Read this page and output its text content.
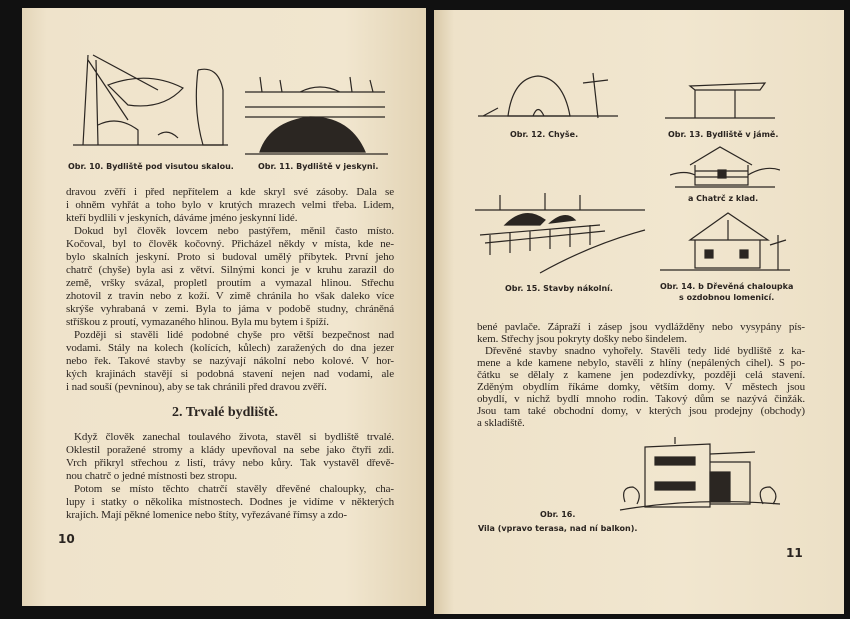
Obr. 10. Bydliště pod visutou skalou.	Obr. 11. Bydliště v jeskyni.
dravou zvěří i před nepřítelem a kde skryl své zásoby. Dala se
i ohněm vyhřát a toho bylo v krutých mrazech velmi třeba. Lidem,
kteří bydlili v jeskyních, dáváme jméno jeskynní lidé.
Dokud byl člověk lovcem nebo pastýřem, měnil často místo.
Kočoval, byl to člověk kočovný. Přicházel někdy v místa, kde ne-
bylo skalních jeskyní. Proto si budoval umělý příbytek. První jeho
chatrč (chyše) byla asi z větví. Silnými konci je v kruhu zarazil do
země, vršky svázal, propletl proutím a vymazal hlinou. Střechu
zhotovil z travin nebo z koží. V zimě chránila ho však daleko více
skrýše vyhrabaná v zemi. Byla to jáma v podobě studny, chráněná
stříškou z proutí, vymazaného hlinou. Byla mu bytem i špíží.
Později si stavěli lidé podobné chyše pro větší bezpečnost nad
vodami. Stály na kolech (kolících, kůlech) zaražených do dna jezer
nebo řek. Takové stavby se nazývají nákolní nebo kolové. V hor-
kých krajinách stavějí si podobná stavení nejen nad vodami, ale
i nad souší (pevninou), aby se tak chránili před dravou zvěří.
2. Trvalé bydliště.
Když člověk zanechal toulavého života, stavěl si bydliště trvalé.
Oklestil poražené stromy a klády upevňoval na sebe jako čtyři zdi.
Vrch přikryl střechou z listí, trávy nebo kůry. Tak vystavěl dřevě-
nou chatrč o jedné místnosti bez stropu.
Potom se místo těchto chatrčí stavěly dřevěné chaloupky, cha-
lupy i statky o několika místnostech. Dodnes je vidíme v některých
krajích. Mají pěkné lomenice nebo štíty, vyřezávané římsy a zdo-
10
Obr. 12. Chyše.	Obr. 13. Bydliště v jámě.
a Chatrč z klad.
Obr. 15. Stavby nákolní.	Obr. 14. b Dřevěná chaloupka
s ozdobnou lomenicí.
bené pavlače. Zápraží i zásep jsou vydlážděny nebo vysypány pís-
kem. Střechy jsou pokryty došky nebo šindelem.
Dřevěné stavby snadno vyhořely. Stavěli tedy lidé bydliště z ka-
mene a kde kamene nebylo, stavěli z hlíny (nepálených cihel). S po-
čátku se dělaly z kamene jen podezdívky, později celá stavení.
Zděným obydlím říkáme domky, větším domy. V městech jsou
obydlí, v nichž bydlí mnoho rodin. Takový dům se nazývá činžák.
Jsou tam také obchodní domy, v kterých jsou prodejny (obchody)
a skladiště.
Obr. 16.
Vila (vpravo terasa, nad ní balkon).
11
